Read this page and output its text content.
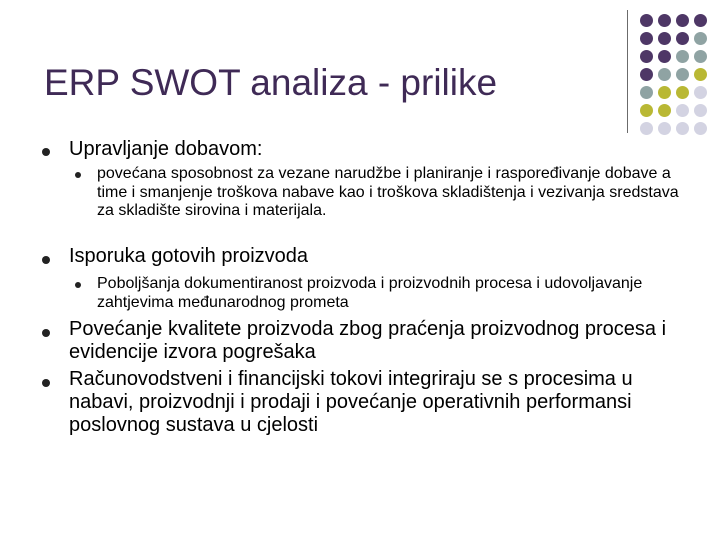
ERP SWOT analiza - prilike
Upravljanje dobavom:
povećana sposobnost za vezane narudžbe i planiranje i raspoređivanje dobave a time i smanjenje troškova nabave kao i troškova skladištenja i vezivanja sredstava za skladište sirovina i materijala.
Isporuka gotovih proizvoda
Poboljšanja dokumentiranost proizvoda i proizvodnih procesa i udovoljavanje zahtjevima međunarodnog prometa
Povećanje kvalitete proizvoda zbog praćenja proizvodnog procesa i evidencije izvora pogrešaka
Računovodstveni i financijski tokovi integriraju se s procesima u nabavi, proizvodnji i prodaji i povećanje operativnih performansi poslovnog sustava u cjelosti
